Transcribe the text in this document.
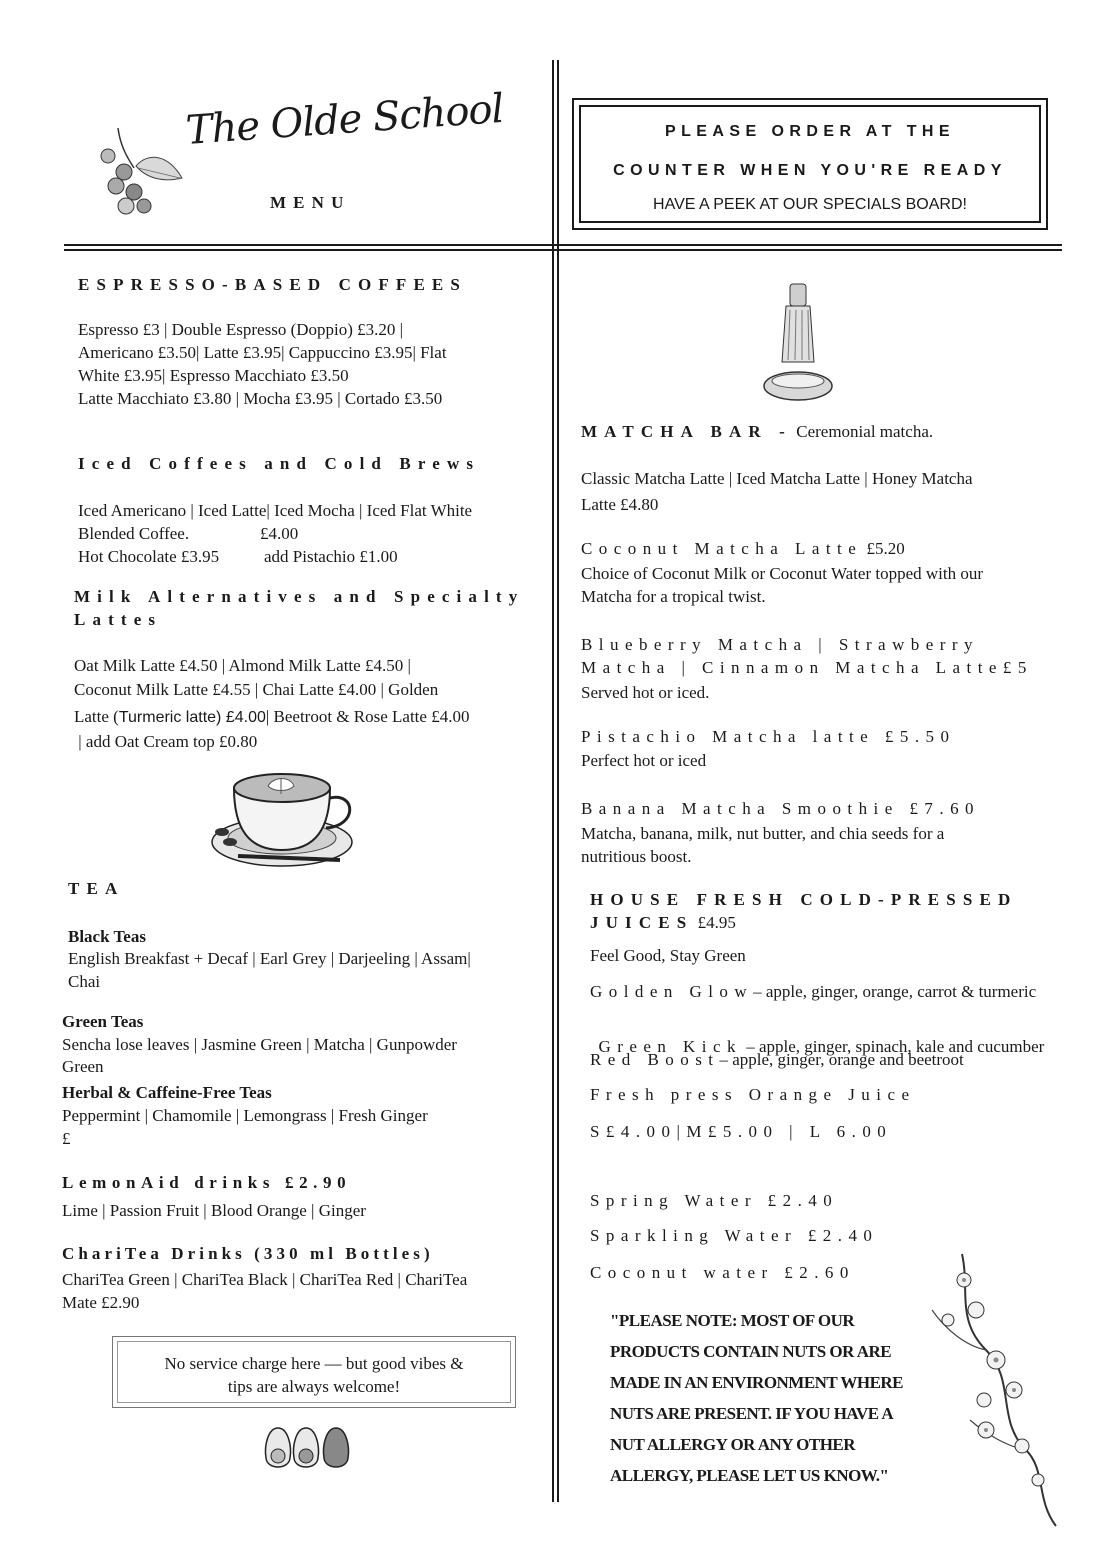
The Olde School
MENU
PLEASE ORDER AT THE
COUNTER WHEN YOU'RE READY
HAVE A PEEK AT OUR SPECIALS BOARD!
ESPRESSO-BASED COFFEES
Espresso £3 | Double Espresso (Doppio) £3.20 |
Americano £3.50| Latte £3.95| Cappuccino £3.95| Flat
White £3.95| Espresso Macchiato £3.50
Latte Macchiato £3.80 | Mocha £3.95 | Cortado £3.50
Iced Coffees and Cold Brews
Iced Americano | Iced Latte| Iced Mocha | Iced Flat White
Blended Coffee.	£4.00
Hot Chocolate £3.95	add Pistachio £1.00
Milk Alternatives and Specialty
Lattes
Oat Milk Latte £4.50 | Almond Milk Latte £4.50 |
Coconut Milk Latte £4.55 | Chai Latte £4.00 | Golden
Latte (Turmeric latte) £4.00| Beetroot & Rose Latte £4.00
| add Oat Cream top £0.80
TEA
Black Teas
English Breakfast + Decaf | Earl Grey | Darjeeling | Assam|
Chai
Green Teas
Sencha lose leaves | Jasmine Green | Matcha | Gunpowder
Green
Herbal & Caffeine-Free Teas
Peppermint | Chamomile | Lemongrass | Fresh Ginger
£
LemonAid drinks £2.90
Lime | Passion Fruit | Blood Orange | Ginger
ChariTea Drinks (330 ml Bottles)
ChariTea Green | ChariTea Black | ChariTea Red | ChariTea
Mate £2.90
No service charge here — but good vibes &
tips are always welcome!
MATCHA BAR - Ceremonial matcha.
Classic Matcha Latte | Iced Matcha Latte | Honey Matcha
Latte £4.80
Coconut Matcha Latte £5.20
Choice of Coconut Milk or Coconut Water topped with our
Matcha for a tropical twist.
Blueberry Matcha | Strawberry
Matcha | Cinnamon Matcha Latte£5
Served hot or iced.
Pistachio Matcha latte £5.50
Perfect hot or iced
Banana Matcha Smoothie £7.60
Matcha, banana, milk, nut butter, and chia seeds for a
nutritious boost.
HOUSE FRESH COLD-PRESSED
JUICES £4.95
Feel Good, Stay Green
Golden Glow– apple, ginger, orange, carrot & turmeric

Green Kick – apple, ginger, spinach, kale and cucumber

Red Boost– apple, ginger, orange and beetroot
Fresh press Orange Juice
S£4.00|M£5.00 | L 6.00
Spring Water £2.40
Sparkling Water £2.40
Coconut water £2.60
"PLEASE NOTE: MOST OF OUR
PRODUCTS CONTAIN NUTS OR ARE
MADE IN AN ENVIRONMENT WHERE
NUTS ARE PRESENT. IF YOU HAVE A
NUT ALLERGY OR ANY OTHER
ALLERGY, PLEASE LET US KNOW."
